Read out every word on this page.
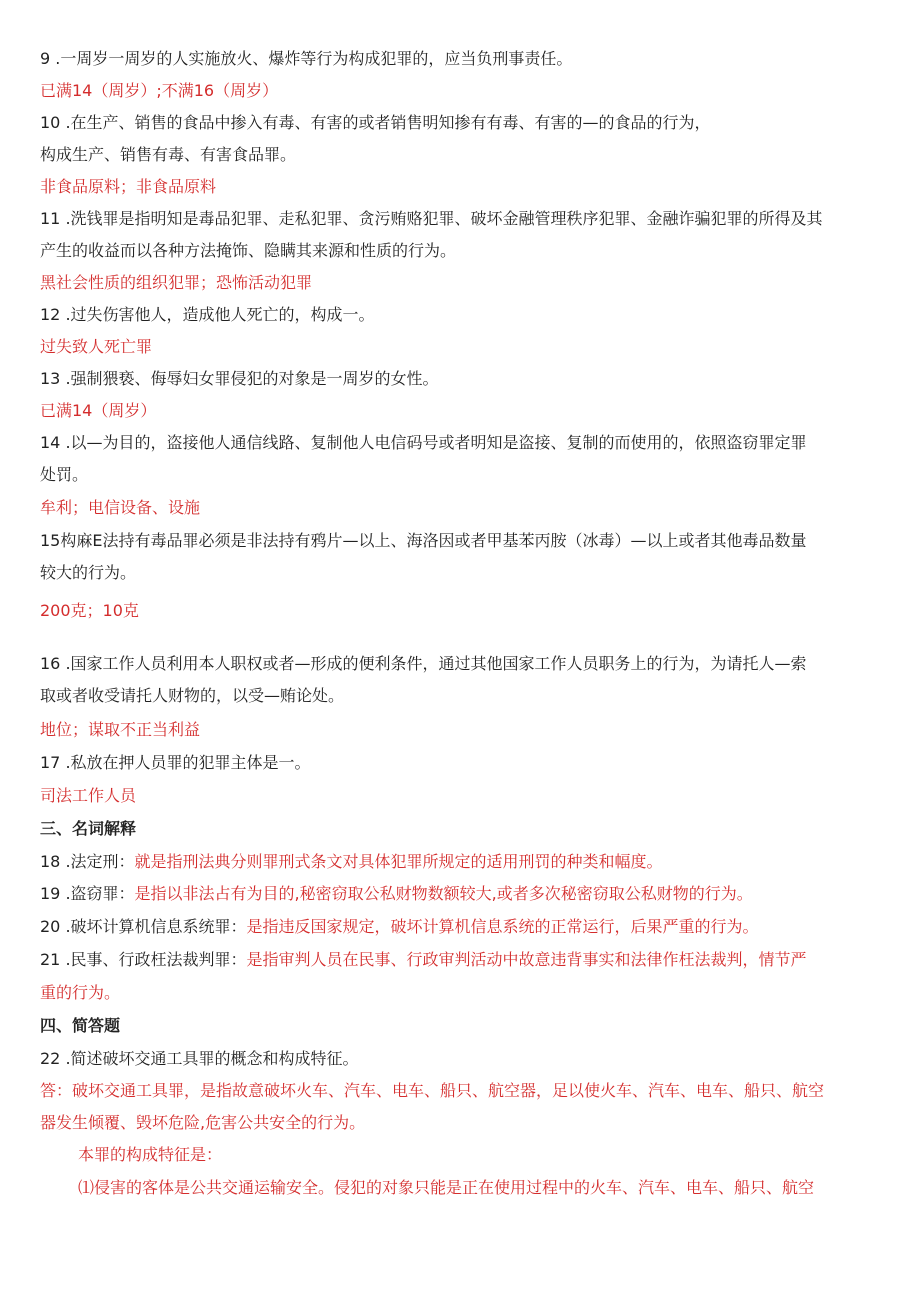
9 .一周岁一周岁的人实施放火、爆炸等行为构成犯罪的，应当负刑事责任。
已满14（周岁）;不满16（周岁）
10 .在生产、销售的食品中掺入有毒、有害的或者销售明知掺有有毒、有害的—的食品的行为，
构成生产、销售有毒、有害食品罪。
非食品原料；非食品原料
11 .洗钱罪是指明知是毒品犯罪、走私犯罪、贪污贿赂犯罪、破坏金融管理秩序犯罪、金融诈骗犯罪的所得及其
产生的收益而以各种方法掩饰、隐瞒其来源和性质的行为。
黑社会性质的组织犯罪；恐怖活动犯罪
12 .过失伤害他人，造成他人死亡的，构成一。
过失致人死亡罪
13 .强制猥亵、侮辱妇女罪侵犯的对象是一周岁的女性。
已满14（周岁）
14 .以—为目的，盗接他人通信线路、复制他人电信码号或者明知是盗接、复制的而使用的，依照盗窃罪定罪
处罚。
牟利；电信设备、设施
15构麻E法持有毒品罪必须是非法持有鸦片—以上、海洛因或者甲基苯丙胺（冰毒）—以上或者其他毒品数量
较大的行为。
200克；10克
16 .国家工作人员利用本人职权或者—形成的便利条件，通过其他国家工作人员职务上的行为，为请托人—索
取或者收受请托人财物的，以受—贿论处。
地位；谋取不正当利益
17 .私放在押人员罪的犯罪主体是一。
司法工作人员
三、名词解释
18 .法定刑：就是指刑法典分则罪刑式条文对具体犯罪所规定的适用刑罚的种类和幅度。
19 .盗窃罪：是指以非法占有为目的,秘密窃取公私财物数额较大,或者多次秘密窃取公私财物的行为。
20 .破坏计算机信息系统罪：是指违反国家规定，破坏计算机信息系统的正常运行，后果严重的行为。
21 .民事、行政枉法裁判罪：是指审判人员在民事、行政审判活动中故意违背事实和法律作枉法裁判，情节严
重的行为。
四、简答题
22 .简述破坏交通工具罪的概念和构成特征。
答：破坏交通工具罪，是指故意破坏火车、汽车、电车、船只、航空器，足以使火车、汽车、电车、船只、航空
器发生倾覆、毁坏危险,危害公共安全的行为。
本罪的构成特征是：
⑴侵害的客体是公共交通运输安全。侵犯的对象只能是正在使用过程中的火车、汽车、电车、船只、航空
